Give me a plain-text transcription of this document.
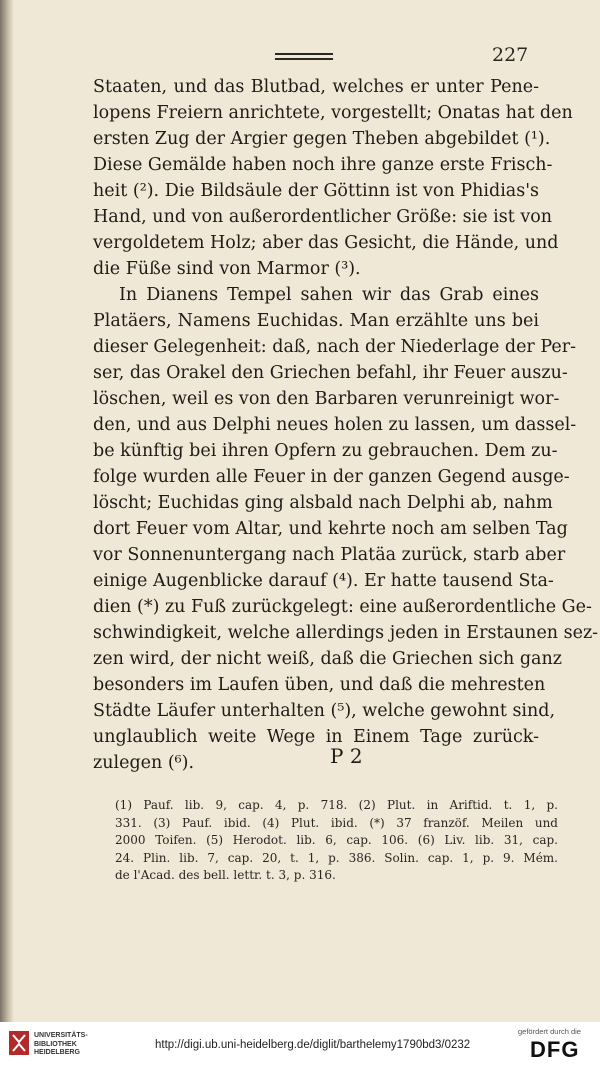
227
Staaten, und das Blutbad, welches er unter Pene-
lopens Freiern anrichtete, vorgestellt; Onatas hat den
ersten Zug der Argier gegen Theben abgebildet (¹).
Diese Gemälde haben noch ihre ganze erste Frisch-
heit (²). Die Bildsäule der Göttinn ist von Phidias's
Hand, und von außerordentlicher Größe: sie ist von
vergoldetem Holz; aber das Gesicht, die Hände, und
die Füße sind von Marmor (³).
In Dianens Tempel sahen wir das Grab eines
Platäers, Namens Euchidas. Man erzählte uns bei
dieser Gelegenheit: daß, nach der Niederlage der Per-
ser, das Orakel den Griechen befahl, ihr Feuer auszu-
löschen, weil es von den Barbaren verunreinigt wor-
den, und aus Delphi neues holen zu lassen, um dassel-
be künftig bei ihren Opfern zu gebrauchen. Dem zu-
folge wurden alle Feuer in der ganzen Gegend ausge-
löscht; Euchidas ging alsbald nach Delphi ab, nahm
dort Feuer vom Altar, und kehrte noch am selben Tag
vor Sonnenuntergang nach Platäa zurück, starb aber
einige Augenblicke darauf (⁴). Er hatte tausend Sta-
dien (*) zu Fuß zurückgelegt: eine außerordentliche Ge-
schwindigkeit, welche allerdings jeden in Erstaunen sez-
zen wird, der nicht weiß, daß die Griechen sich ganz
besonders im Laufen üben, und daß die mehresten
Städte Läufer unterhalten (⁵), welche gewohnt sind,
unglaublich weite Wege in Einem Tage zurück-
zulegen (⁶).	P 2
(1) Pauf. lib. 9, cap. 4, p. 718. (2) Plut. in Ariftid. t. 1, p.
331. (3) Pauf. ibid. (4) Plut. ibid. (*) 37 franzöf. Meilen und
2000 Toifen. (5) Herodot. lib. 6, cap. 106. (6) Liv. lib. 31, cap.
24. Plin. lib. 7, cap. 20, t. 1, p. 386. Solin. cap. 1, p. 9. Mém.
de l'Acad. des bell. lettr. t. 3, p. 316.
UNIVERSITÄTS-
BIBLIOTHEK
HEIDELBERG
http://digi.ub.uni-heidelberg.de/diglit/barthelemy1790bd3/0232
gefördert durch die
DFG
